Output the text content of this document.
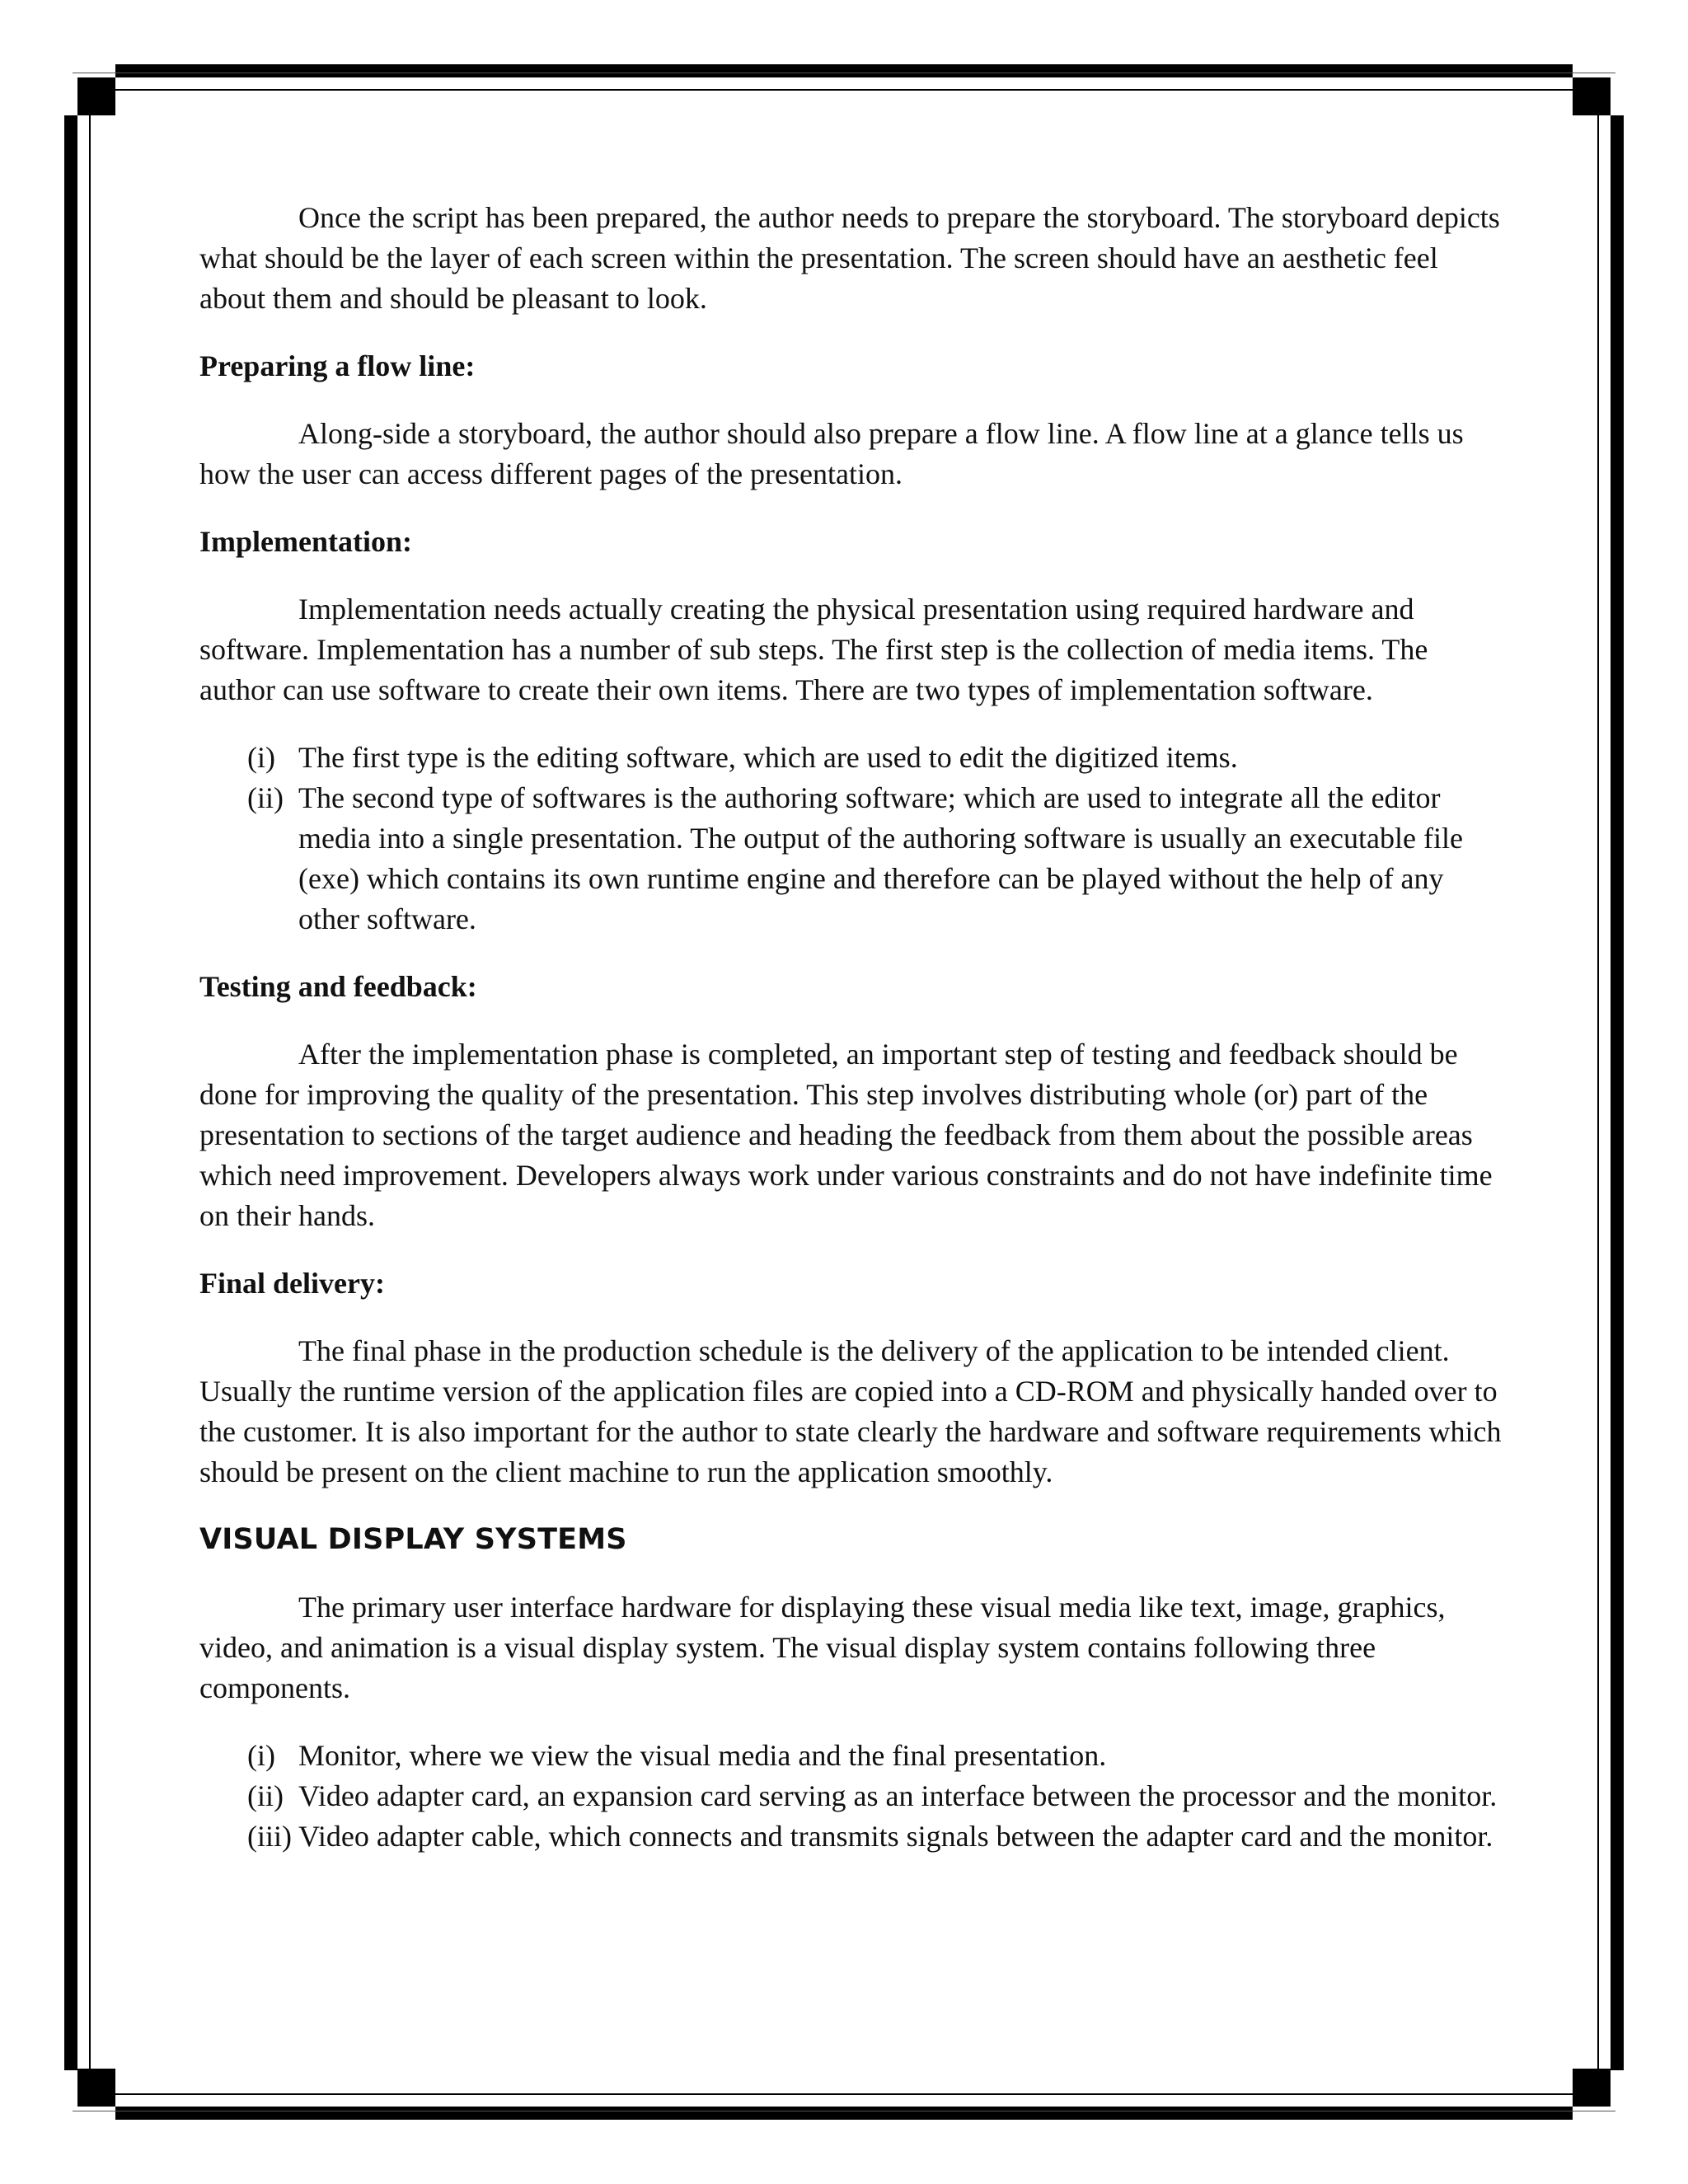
Once the script has been prepared, the author needs to prepare the storyboard. The storyboard depicts what should be the layer of each screen within the presentation. The screen should have an aesthetic feel about them and should be pleasant to look.

Preparing a flow line:

Along-side a storyboard, the author should also prepare a flow line. A flow line at a glance tells us how the user can access different pages of the presentation.

Implementation:

Implementation needs actually creating the physical presentation using required hardware and software. Implementation has a number of sub steps. The first step is the collection of media items. The author can use software to create their own items. There are two types of implementation software.

(i) The first type is the editing software, which are used to edit the digitized items.
(ii) The second type of softwares is the authoring software; which are used to integrate all the editor media into a single presentation. The output of the authoring software is usually an executable file (exe) which contains its own runtime engine and therefore can be played without the help of any other software.

Testing and feedback:

After the implementation phase is completed, an important step of testing and feedback should be done for improving the quality of the presentation. This step involves distributing whole (or) part of the presentation to sections of the target audience and heading the feedback from them about the possible areas which need improvement. Developers always work under various constraints and do not have indefinite time on their hands.

Final delivery:

The final phase in the production schedule is the delivery of the application to be intended client. Usually the runtime version of the application files are copied into a CD-ROM and physically handed over to the customer. It is also important for the author to state clearly the hardware and software requirements which should be present on the client machine to run the application smoothly.

VISUAL DISPLAY SYSTEMS

The primary user interface hardware for displaying these visual media like text, image, graphics, video, and animation is a visual display system. The visual display system contains following three components.

(i) Monitor, where we view the visual media and the final presentation.
(ii) Video adapter card, an expansion card serving as an interface between the processor and the monitor.
(iii) Video adapter cable, which connects and transmits signals between the adapter card and the monitor.
